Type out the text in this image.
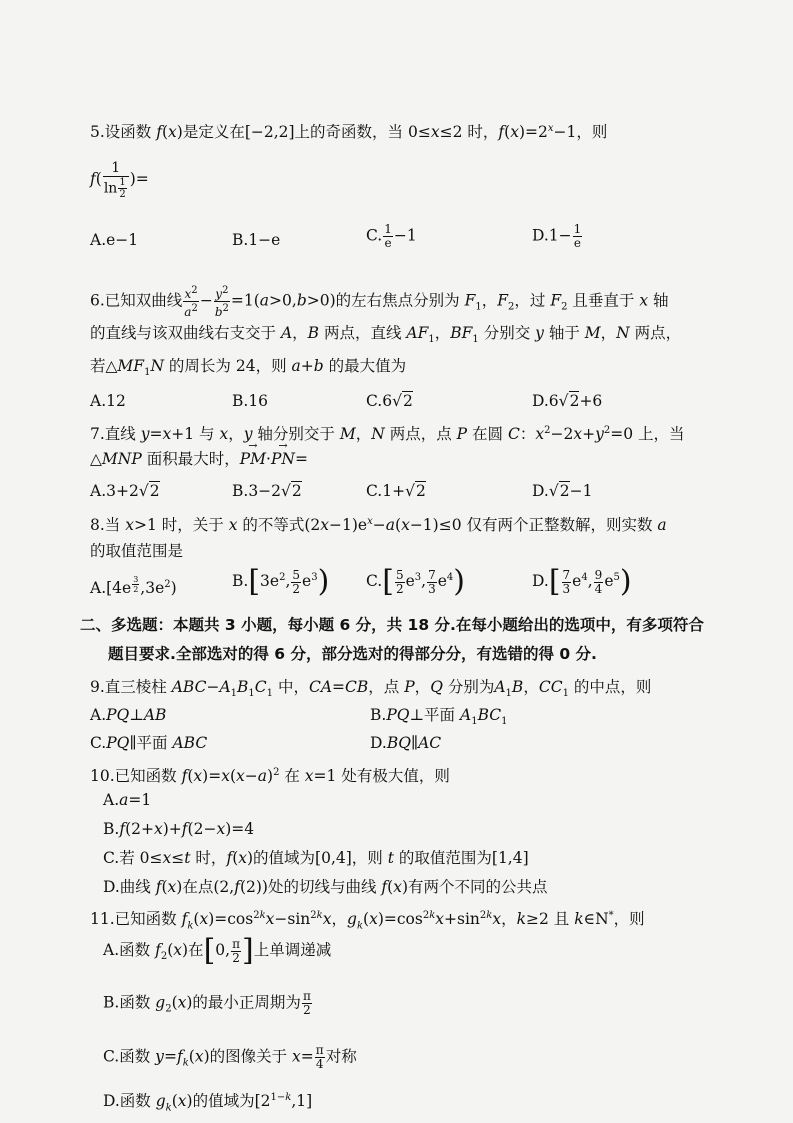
5.设函数 f(x)是定义在[−2,2]上的奇函数，当 0≤x≤2 时，$f(x)=2^x-1$，则
$f( \frac{1}{\ln \frac{1}{2}}$ )=
A.e−1	B.1−e	C. $\frac{1}{e} -1$	$D.1- \frac{1}{e}$
6.已知双曲线 $\frac{x^2}{a^2} - \frac{y^2}{b^2} =1(a>0,b>0)$的左右焦点分别为 $F_1$，$F_2$，过 $F_2$ 且垂直于 x 轴
的直线与该双曲线右支交于 A，B 两点，直线 $AF_1$，$BF_1$ 分别交 y 轴于 M，N 两点，
若$\triangle MF_1N$ 的周长为 24，则 a+b 的最大值为
A.12	B.16	C.6√2	D.6√2+6
7.直线 y=x+1 与 x，y 轴分别交于 M，N 两点，点 P 在圆 C：$x^2-2x+y^2=0$ 上，当
△MNP 面积最大时，→ PM·→ PN=
A.3+2√2	B.3−2√2	C.1+√2	D.√2−1
8.当 x>1 时，关于 x 的不等式$(2x-1)e^x-a(x-1)\le 0$ 仅有两个正整数解，则实数 a
的取值范围是
A.[4e $^{\frac{3}{2}}$ $,3e^2$)	$B.[3e^2$, $\frac{5}{2} e^3$) $C.[ \frac{5}{2} e^3$, $\frac{7}{3} e^4$)	$D.[ \frac{7}{3} e^4$, $\frac{9}{4} e^5$)
二、多选题：本题共 3 小题，每小题 6 分，共 18 分.在每小题给出的选项中，有多项符合
题目要求.全部选对的得 6 分，部分选对的得部分分，有选错的得 0 分.
9.直三棱柱 $ABC-A_1B_1C_1$ 中，CA=CB，点 P，Q 分别为$A_1B$，$CC_1$ 的中点，则
A.PQ⊥AB	B.PQ⊥平面 $A_1BC_1$
C.PQ∥平面 ABC	D.BQ∥AC
10.已知函数 $f(x)=x(x-a)^2$ 在 x=1 处有极大值，则
A.a=1
B.f(2+x)+f(2−x)=4
C.若 0≤x≤t 时，f(x)的值域为[0,4]，则 t 的取值范围为[1,4]
D.曲线 f(x)在点(2,f(2))处的切线与曲线 f(x)有两个不同的公共点
11.已知函数 $f_k(x)=\cos^{2k}x-\sin^{2k}x$，$g_k(x)=\cos^{2k}x+\sin^{2k}x$，k≥2 且 k∈N*，则
A.函数 $f_2(x)$在[0, $\frac{\pi}{2}$ ]上单调递减
B.函数 $g_2(x)$的最小正周期为 $\frac{\pi}{2}$
C.函数 $y=f_k(x)$的图像关于 $x= \frac{\pi}{4}$ 对称
D.函数 $g_k(x)$的值域为$[2^{1-k},1]$
